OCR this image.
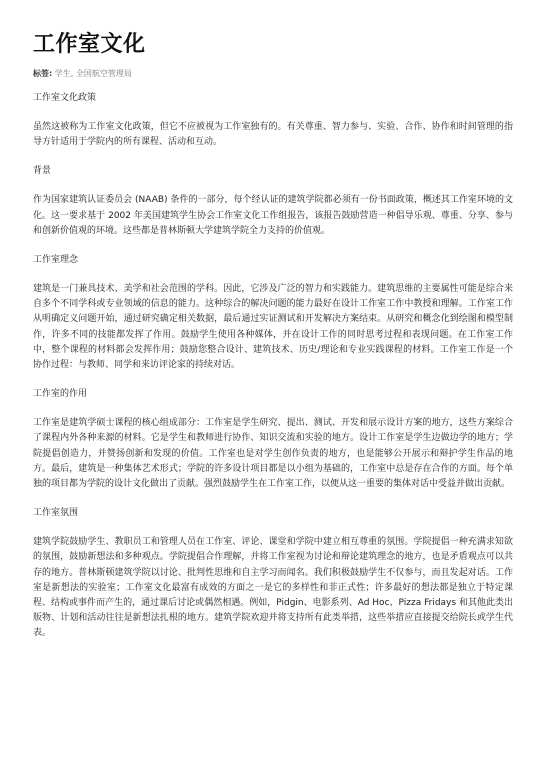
工作室文化
标签: 学生, 全国航空管理局

工作室文化政策

虽然这被称为工作室文化政策，但它不应被视为工作室独有的。有关尊重、智力参与、实验、合作、协作和时间管理的指导方针适用于学院内的所有课程、活动和互动。

背景

作为国家建筑认证委员会 (NAAB) 条件的一部分，每个经认证的建筑学院都必须有一份书面政策，概述其工作室环境的文化。这一要求基于 2002 年美国建筑学生协会工作室文化工作组报告，该报告鼓励营造一种倡导乐观、尊重、分享、参与和创新价值观的环境。这些都是普林斯顿大学建筑学院全力支持的价值观。

工作室理念

建筑是一门兼具技术、美学和社会范围的学科。因此，它涉及广泛的智力和实践能力。建筑思维的主要属性可能是综合来自多个不同学科或专业领域的信息的能力。这种综合的解决问题的能力最好在设计工作室工作中教授和理解。工作室工作从明确定义问题开始，通过研究确定相关数据，最后通过实证测试和开发解决方案结束。从研究和概念化到绘图和模型制作，许多不同的技能都发挥了作用。鼓励学生使用各种媒体，并在设计工作的同时思考过程和表现问题。在工作室工作中，整个课程的材料都会发挥作用；鼓励您整合设计、建筑技术、历史/理论和专业实践课程的材料。工作室工作是一个协作过程：与教师、同学和来访评论家的持续对话。

工作室的作用

工作室是建筑学硕士课程的核心组成部分：工作室是学生研究、提出、测试、开发和展示设计方案的地方，这些方案综合了课程内外各种来源的材料。它是学生和教师进行协作、知识交流和实验的地方。设计工作室是学生边做边学的地方；学院提倡创造力，并赞扬创新和发现的价值。工作室也是对学生创作负责的地方，也是能够公开展示和辩护学生作品的地方。最后，建筑是一种集体艺术形式；学院的许多设计项目都是以小组为基础的，工作室中总是存在合作的方面。每个单独的项目都为学院的设计文化做出了贡献。强烈鼓励学生在工作室工作，以便从这一重要的集体对话中受益并做出贡献。

工作室氛围

建筑学院鼓励学生、教职员工和管理人员在工作室、评论、课堂和学院中建立相互尊重的氛围。学院提倡一种充满求知欲的氛围，鼓励新想法和多种观点。学院提倡合作理解，并将工作室视为讨论和辩论建筑理念的地方，也是矛盾观点可以共存的地方。普林斯顿建筑学院以讨论、批判性思维和自主学习而闻名。我们积极鼓励学生不仅参与，而且发起对话。工作室是新想法的实验室；工作室文化最富有成效的方面之一是它的多样性和非正式性；许多最好的想法都是独立于特定课程、结构或事件而产生的，通过课后讨论或偶然相遇。例如，Pidgin、电影系列、Ad Hoc、Pizza Fridays 和其他此类出版物、计划和活动往往是新想法扎根的地方。建筑学院欢迎并将支持所有此类举措，这些举措应直接提交给院长或学生代表。
